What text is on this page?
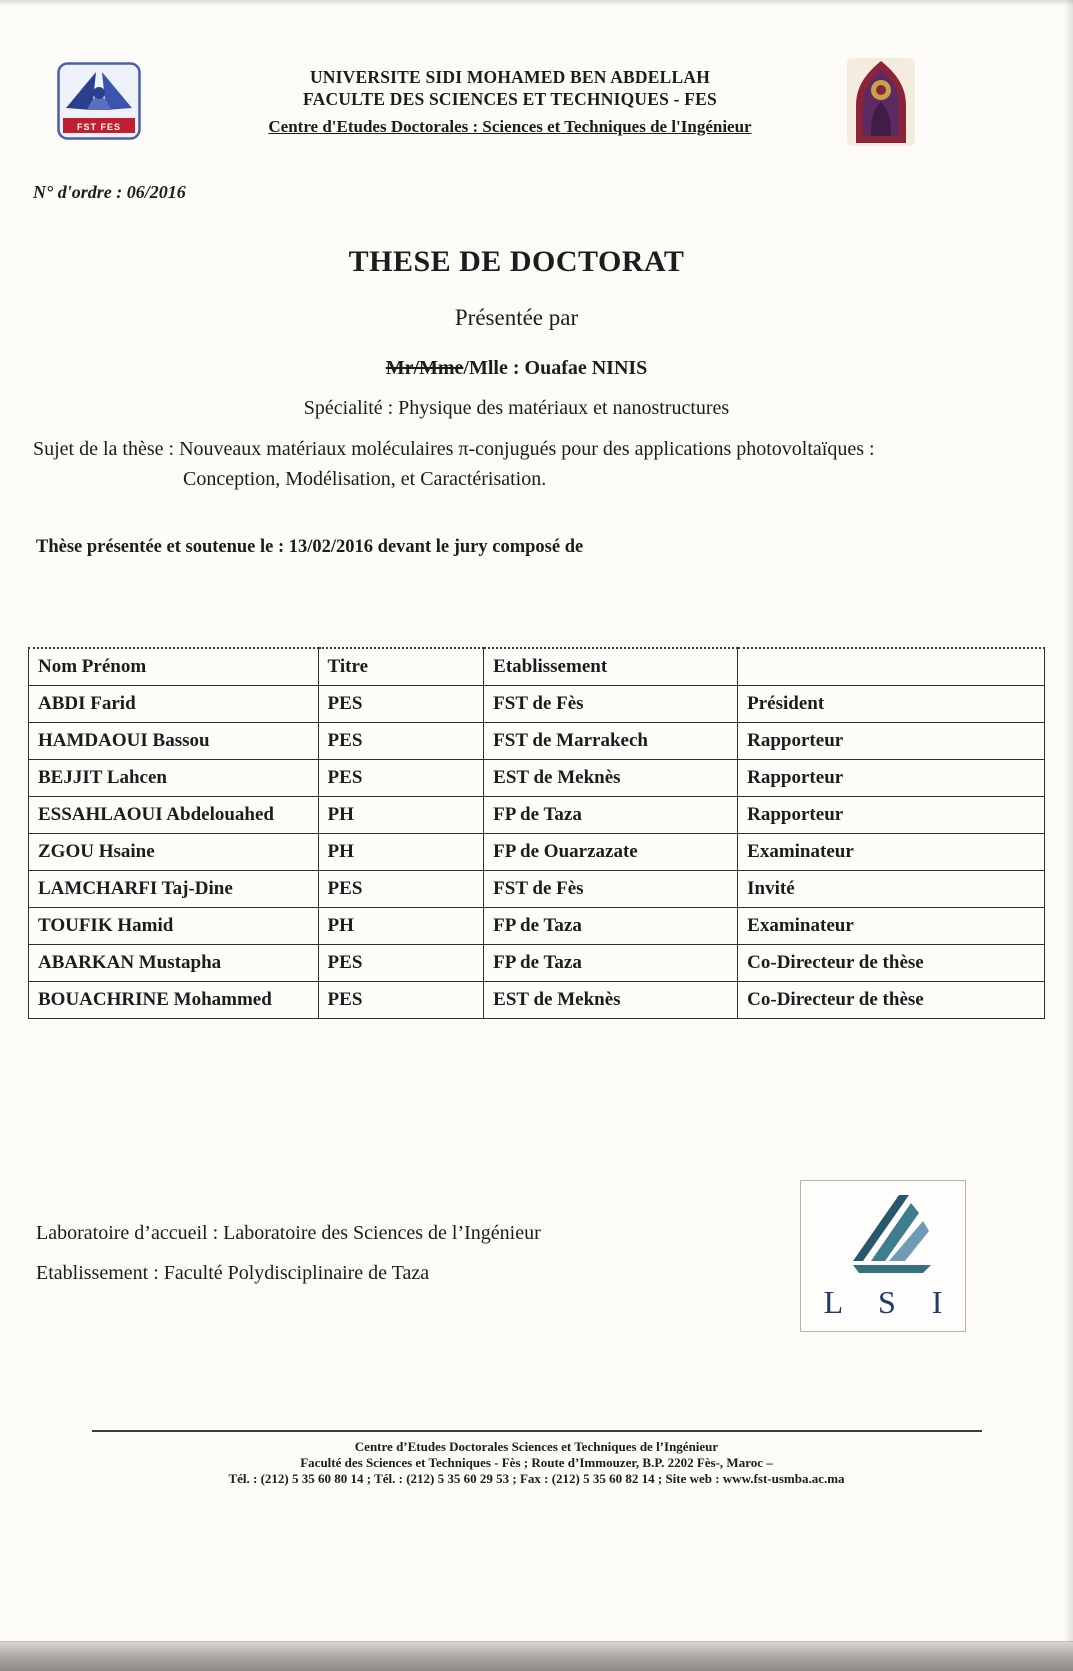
FST FES
UNIVERSITE SIDI MOHAMED BEN ABDELLAH
FACULTE DES SCIENCES ET TECHNIQUES - FES
Centre d'Etudes Doctorales : Sciences et Techniques de l'Ingénieur
N° d'ordre : 06/2016
THESE DE DOCTORAT
Présentée par
Mr/Mme/Mlle : Ouafae NINIS
Spécialité : Physique des matériaux et nanostructures
Sujet de la thèse : Nouveaux matériaux moléculaires π-conjugués pour des applications photovoltaïques :
Conception, Modélisation, et Caractérisation.
Thèse présentée et soutenue le : 13/02/2016 devant le jury composé de
Nom Prénom	Titre	Etablissement	
ABDI Farid	PES	FST de Fès	Président
HAMDAOUI Bassou	PES	FST de Marrakech	Rapporteur
BEJJIT Lahcen	PES	EST de Meknès	Rapporteur
ESSAHLAOUI Abdelouahed	PH	FP de Taza	Rapporteur
ZGOU Hsaine	PH	FP de Ouarzazate	Examinateur
LAMCHARFI Taj-Dine	PES	FST de Fès	Invité
TOUFIK Hamid	PH	FP de Taza	Examinateur
ABARKAN Mustapha	PES	FP de Taza	Co-Directeur de thèse
BOUACHRINE Mohammed	PES	EST de Meknès	Co-Directeur de thèse
Laboratoire d’accueil : Laboratoire des Sciences de l’Ingénieur
Etablissement : Faculté Polydisciplinaire de Taza
L S I
Centre d’Etudes Doctorales Sciences et Techniques de l’Ingénieur
Faculté des Sciences et Techniques - Fès ; Route d’Immouzer, B.P. 2202 Fès-, Maroc –
Tél. : (212) 5 35 60 80 14 ; Tél. : (212) 5 35 60 29 53 ; Fax : (212) 5 35 60 82 14 ; Site web : www.fst-usmba.ac.ma
